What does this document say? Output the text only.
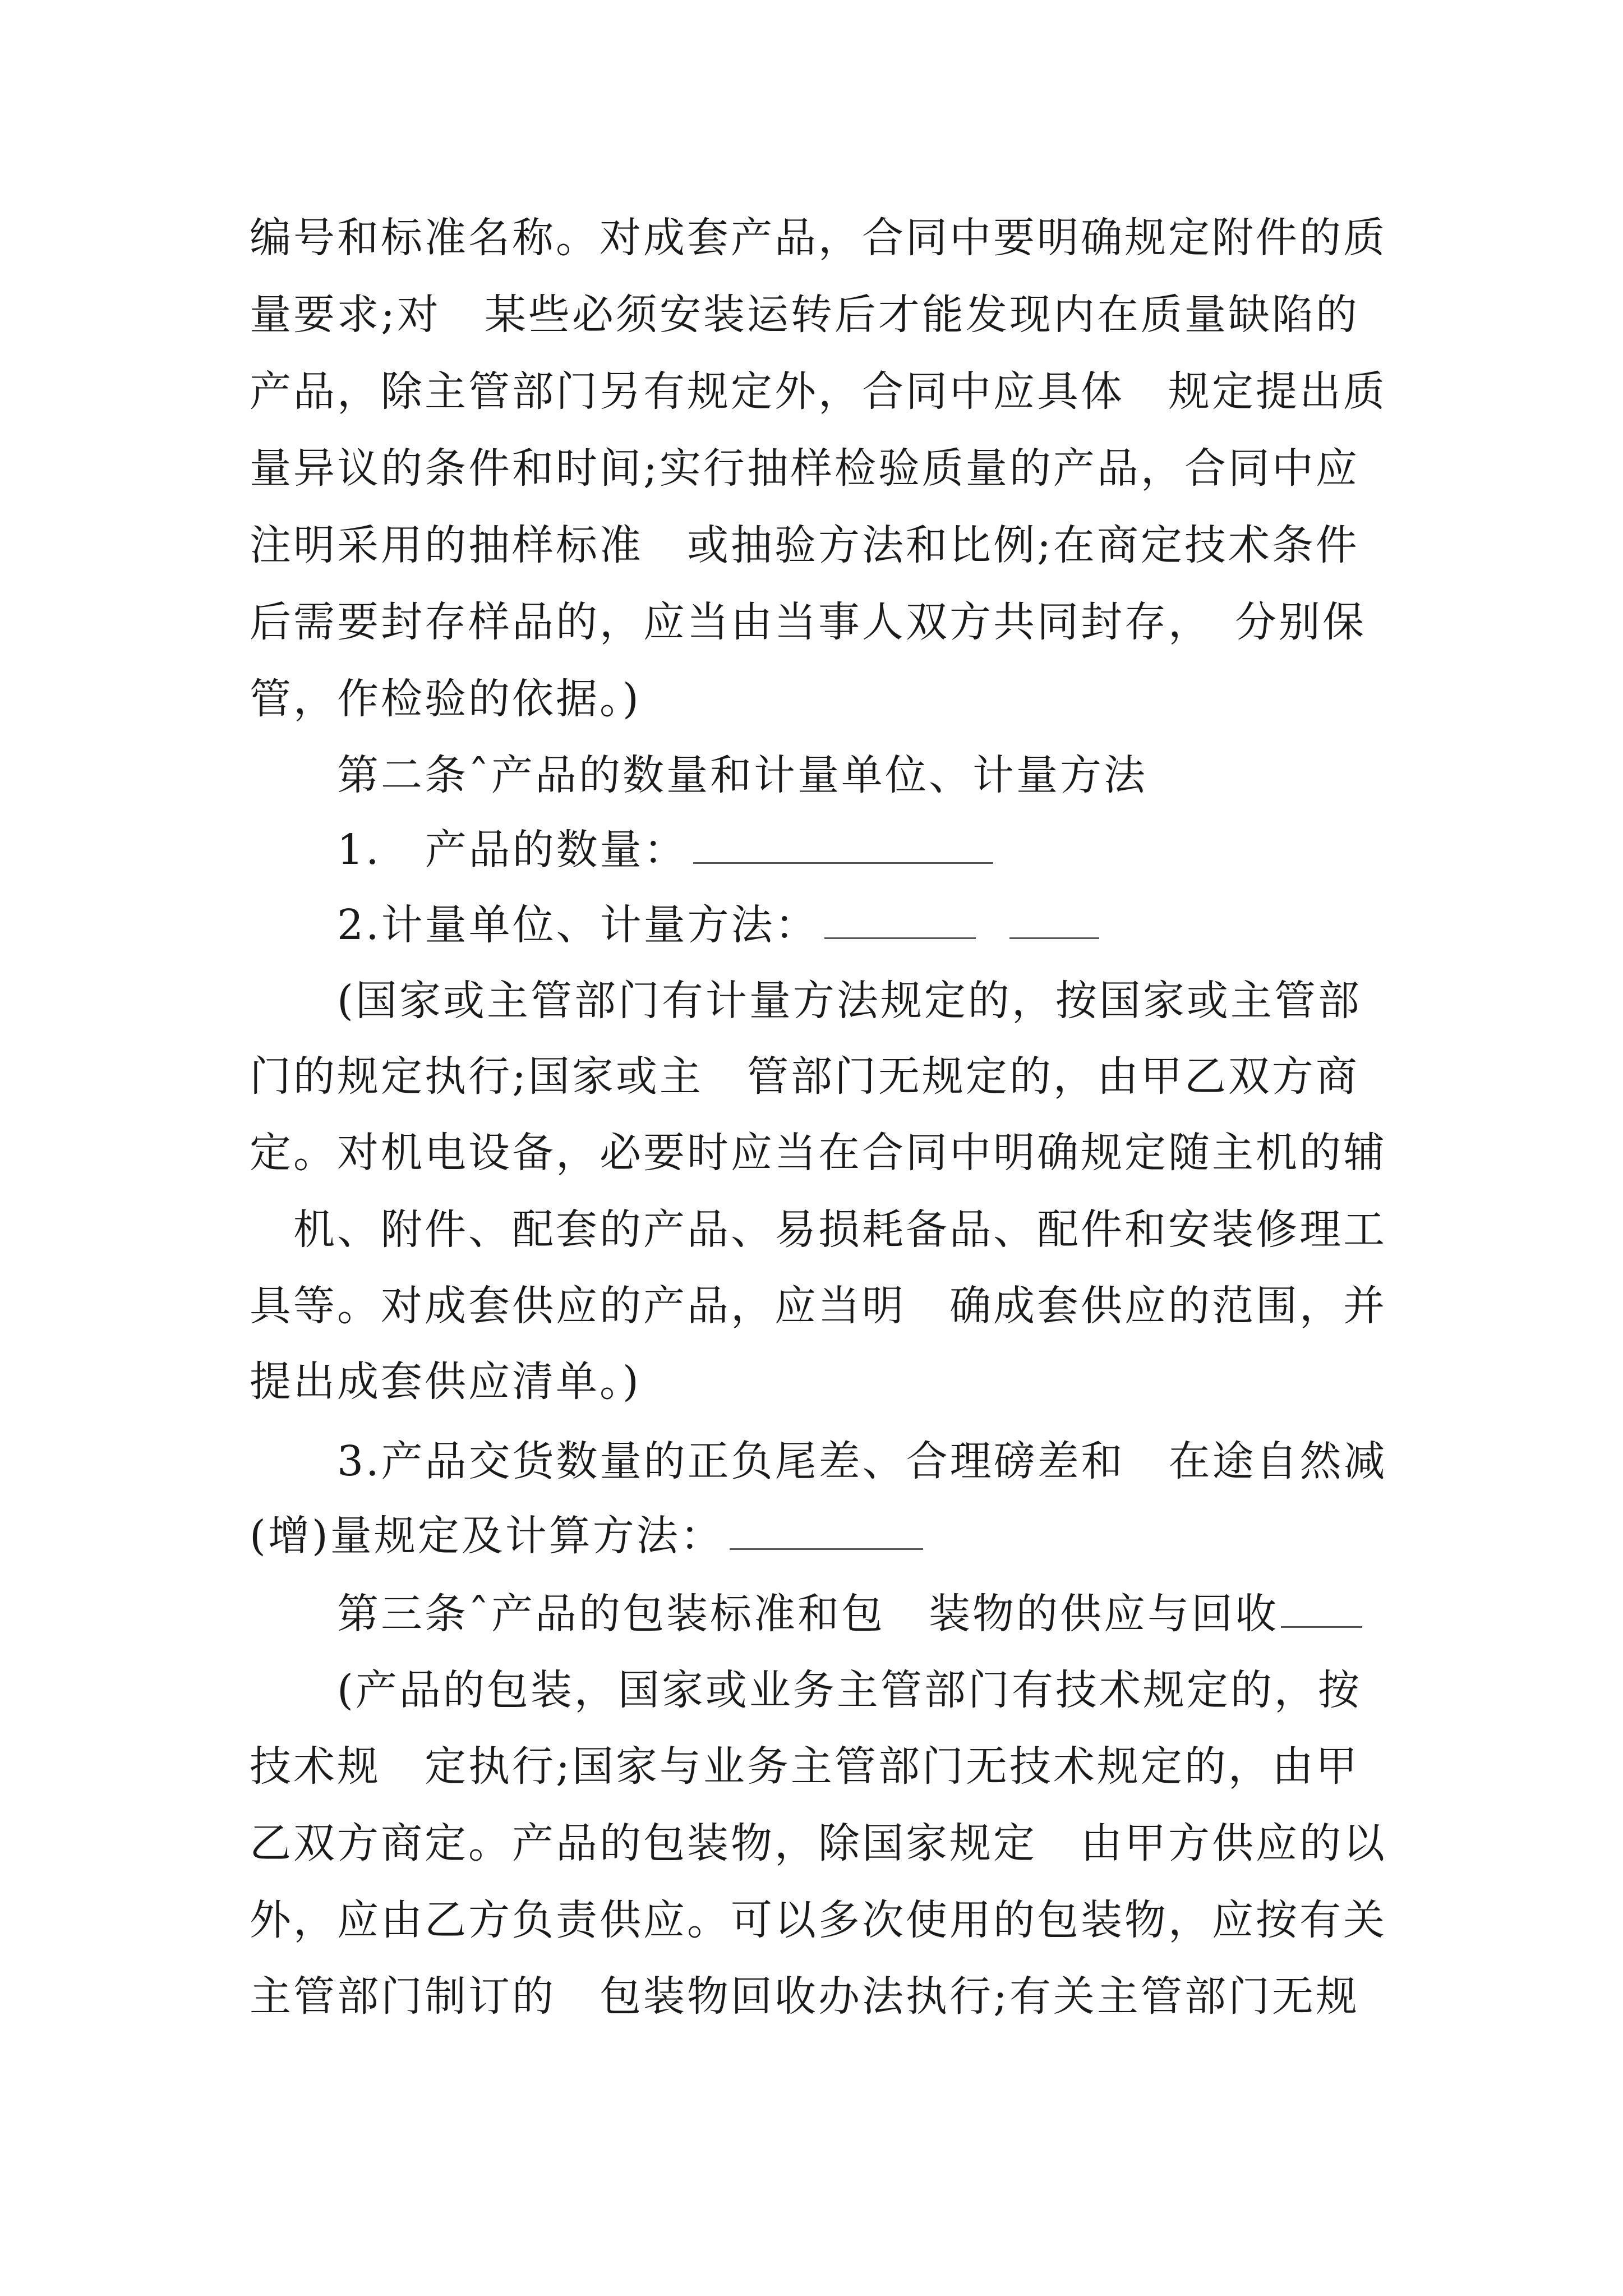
编号和标准名称。对成套产品，合同中要明确规定附件的质
量要求;对　某些必须安装运转后才能发现内在质量缺陷的
产品，除主管部门另有规定外，合同中应具体　规定提出质
量异议的条件和时间;实行抽样检验质量的产品，合同中应
注明采用的抽样标准　或抽验方法和比例;在商定技术条件
后需要封存样品的，应当由当事人双方共同封存，　分别保
管，作检验的依据。)
　　第二条ˆ产品的数量和计量单位、计量方法
　　1.　产品的数量：
　　2.计量单位、计量方法：
　　(国家或主管部门有计量方法规定的，按国家或主管部
门的规定执行;国家或主　管部门无规定的，由甲乙双方商
定。对机电设备，必要时应当在合同中明确规定随主机的辅
　机、附件、配套的产品、易损耗备品、配件和安装修理工
具等。对成套供应的产品，应当明　确成套供应的范围，并
提出成套供应清单。)
　　3.产品交货数量的正负尾差、合理磅差和　在途自然减
(增)量规定及计算方法：
　　第三条ˆ产品的包装标准和包　装物的供应与回收
　　(产品的包装，国家或业务主管部门有技术规定的，按
技术规　定执行;国家与业务主管部门无技术规定的，由甲
乙双方商定。产品的包装物，除国家规定　由甲方供应的以
外，应由乙方负责供应。可以多次使用的包装物，应按有关
主管部门制订的　包装物回收办法执行;有关主管部门无规
